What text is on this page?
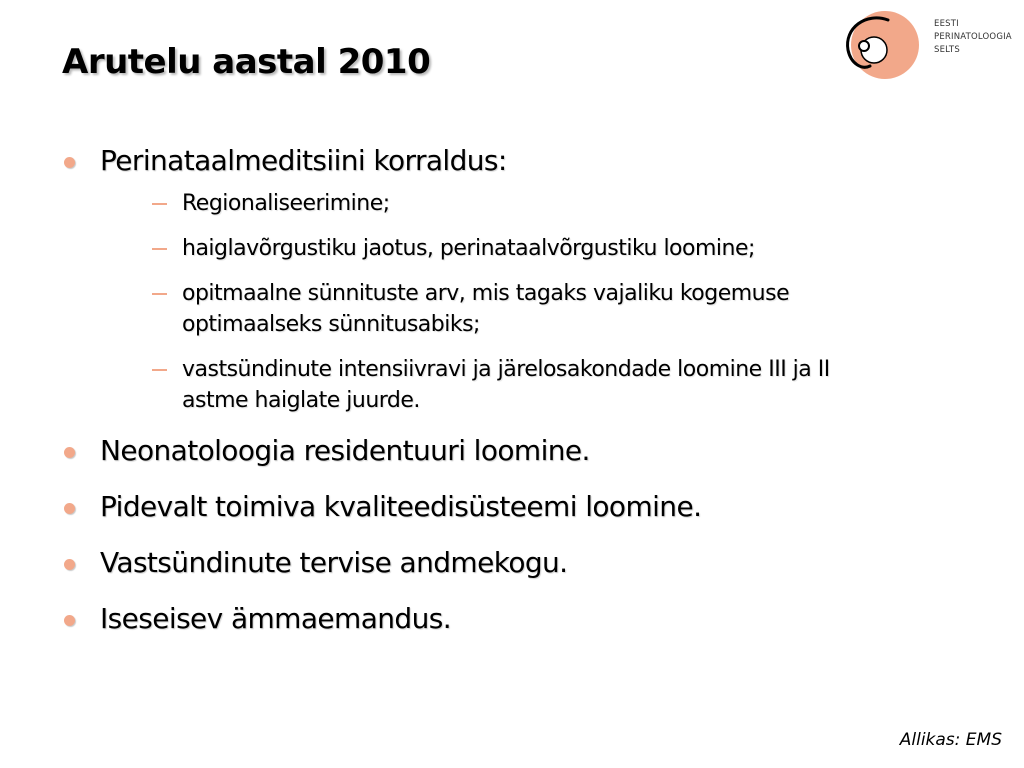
Arutelu aastal 2010
EESTI
PERINATOLOOGIA
SELTS
Perinataalmeditsiini korraldus:
Regionaliseerimine;
haiglavõrgustiku jaotus, perinataalvõrgustiku loomine;
opitmaalne sünnituste arv, mis tagaks vajaliku kogemuse
optimaalseks sünnitusabiks;
vastsündinute intensiivravi ja järelosakondade loomine III ja II
astme haiglate juurde.
Neonatoloogia residentuuri loomine.
Pidevalt toimiva kvaliteedisüsteemi loomine.
Vastsündinute tervise andmekogu.
Iseseisev ämmaemandus.
Allikas: EMS
